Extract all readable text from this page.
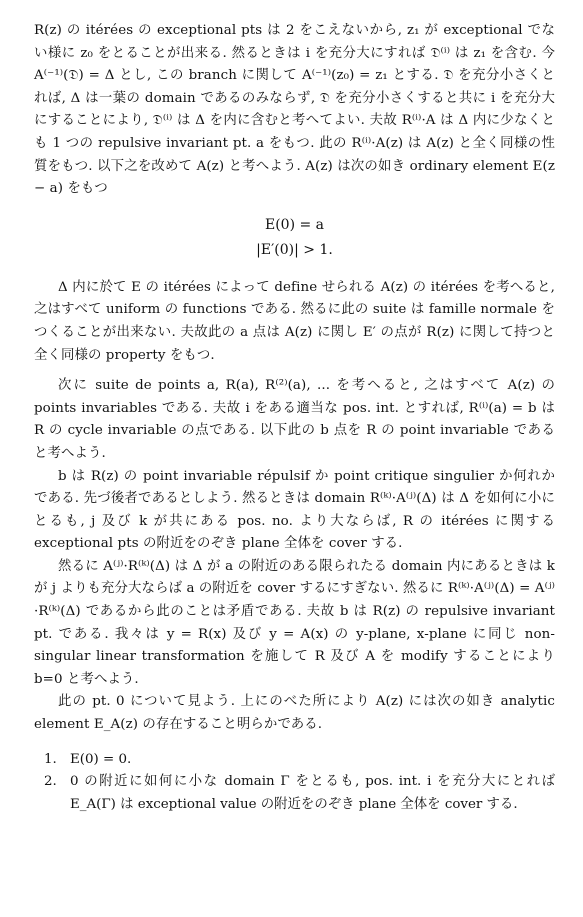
R(z) の itérées の exceptional pts は 2 をこえないから, z₁ が exceptional でない様に z₀ をとることが出来る. 然るときは i を充分大にすれば 𝔇⁽ⁱ⁾ は z₁ を含む. 今 A⁽⁻¹⁾(𝔇) = Δ とし, この branch に関して A⁽⁻¹⁾(z₀) = z₁ とする. 𝔇 を充分小さくとれば, Δ は一葉の domain であるのみならず, 𝔇 を充分小さくすると共に i を充分大にすることにより, 𝔇⁽ⁱ⁾ は Δ を内に含むと考へてよい. 夫故 R⁽ⁱ⁾·A は Δ 内に少なくとも 1 つの repulsive invariant pt. a をもつ. 此の R⁽ⁱ⁾·A(z) は A(z) と全く同様の性質をもつ. 以下之を改めて A(z) と考へよう. A(z) は次の如き ordinary element E(z − a) をもつ

E(0) = a
|E′(0)| > 1.

Δ 内に於て E の itérées によって define せられる A(z) の itérées を考へると, 之はすべて uniform の functions である. 然るに此の suite は famille normale をつくることが出来ない. 夫故此の a 点は A(z) に関し E′ の点が R(z) に関して持つと全く同様の property をもつ.

次に suite de points a, R(a), R⁽²⁾(a), ... を考へると, 之はすべて A(z) の points invariables である. 夫故 i をある適当な pos. int. とすれば, R⁽ⁱ⁾(a) = b は R の cycle invariable の点である. 以下此の b 点を R の point invariable であると考へよう.

b は R(z) の point invariable répulsif か point critique singulier か何れかである. 先づ後者であるとしよう. 然るときは domain R⁽ᵏ⁾·A⁽ʲ⁾(Δ) は Δ を如何に小にとるも, j 及び k が共にある pos. no. より大ならば, R の itérées に関する exceptional pts の附近をのぞき plane 全体を cover する.

然るに A⁽ʲ⁾·R⁽ᵏ⁾(Δ) は Δ が a の附近のある限られたる domain 内にあるときは k が j よりも充分大ならば a の附近を cover するにすぎない. 然るに R⁽ᵏ⁾·A⁽ʲ⁾(Δ) = A⁽ʲ⁾·R⁽ᵏ⁾(Δ) であるから此のことは矛盾である. 夫故 b は R(z) の repulsive invariant pt. である. 我々は y = R(x) 及び y = A(x) の y-plane, x-plane に同じ non-singular linear transformation を施して R 及び A を modify することにより b=0 と考へよう.

此の pt. 0 について見よう. 上にのべた所により A(z) には次の如き analytic element E_A(z) の存在すること明らかである.

1. E(0) = 0.
2. 0 の附近に如何に小な domain Γ をとるも, pos. int. i を充分大にとれば E_A(Γ) は exceptional value の附近をのぞき plane 全体を cover する.
